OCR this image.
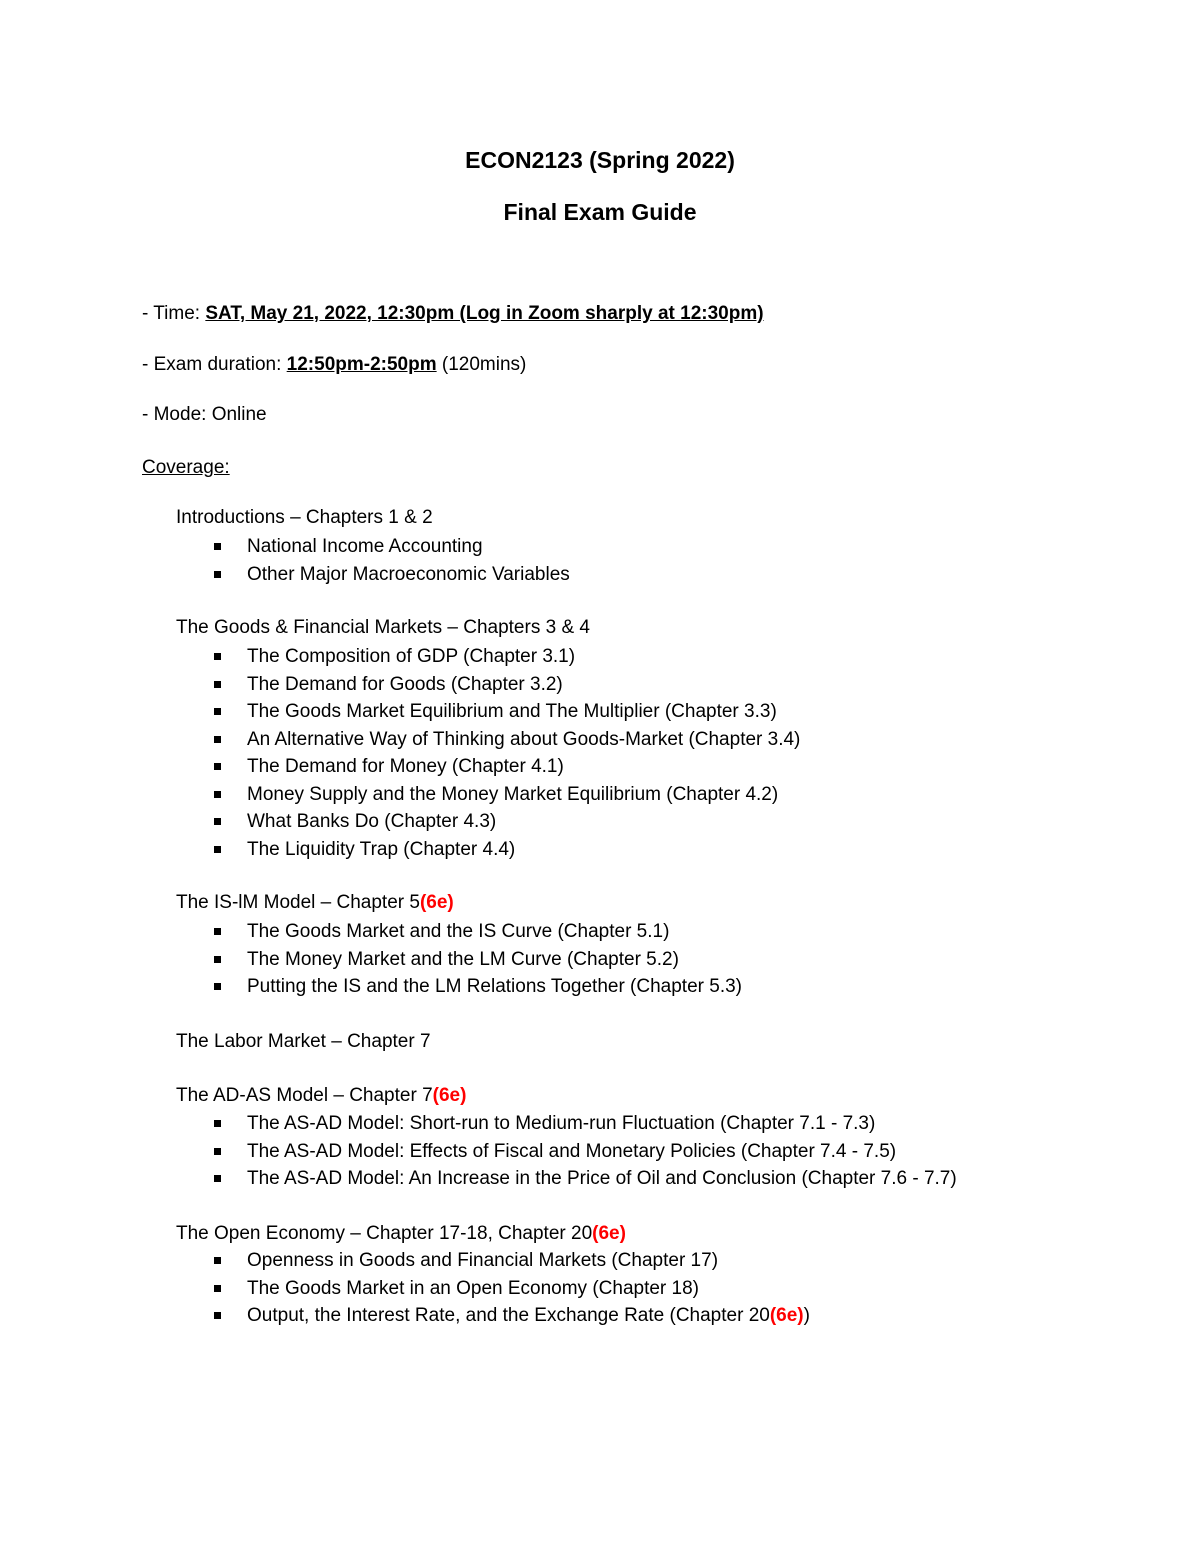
ECON2123 (Spring 2022)
Final Exam Guide
- Time: SAT, May 21, 2022, 12:30pm (Log in Zoom sharply at 12:30pm)
- Exam duration: 12:50pm-2:50pm (120mins)
- Mode: Online
Coverage:
Introductions – Chapters 1 & 2
National Income Accounting
Other Major Macroeconomic Variables
The Goods & Financial Markets – Chapters 3 & 4
The Composition of GDP (Chapter 3.1)
The Demand for Goods (Chapter 3.2)
The Goods Market Equilibrium and The Multiplier (Chapter 3.3)
An Alternative Way of Thinking about Goods-Market (Chapter 3.4)
The Demand for Money (Chapter 4.1)
Money Supply and the Money Market Equilibrium (Chapter 4.2)
What Banks Do (Chapter 4.3)
The Liquidity Trap (Chapter 4.4)
The IS-lM Model – Chapter 5(6e)
The Goods Market and the IS Curve (Chapter 5.1)
The Money Market and the LM Curve (Chapter 5.2)
Putting the IS and the LM Relations Together (Chapter 5.3)
The Labor Market – Chapter 7
The AD-AS Model – Chapter 7(6e)
The AS-AD Model: Short-run to Medium-run Fluctuation (Chapter 7.1 - 7.3)
The AS-AD Model: Effects of Fiscal and Monetary Policies (Chapter 7.4 - 7.5)
The AS-AD Model: An Increase in the Price of Oil and Conclusion (Chapter 7.6 - 7.7)
The Open Economy – Chapter 17-18, Chapter 20(6e)
Openness in Goods and Financial Markets (Chapter 17)
The Goods Market in an Open Economy (Chapter 18)
Output, the Interest Rate, and the Exchange Rate (Chapter 20(6e))
